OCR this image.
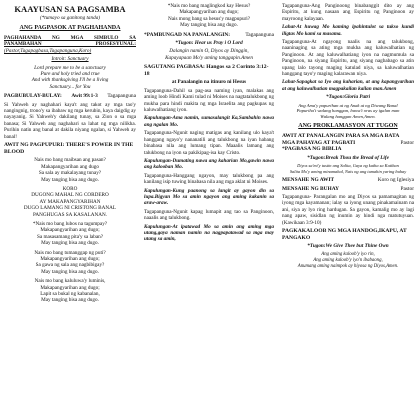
KAAYUSAN SA PAGSAMBA
(*tumayo sa ganitong tanda)
ANG PAGPASOK AT PAGHAHANDA
PAGHAHANDA NG MGA SIMBULO SA PANAMBAHAN PROSESYUNAL: (Pastor,Tagapagbasa,Tagapanguna,Koro)
Introit: Sanctuary
Lord prepare me to be a sanctuary
Pure and holy tried and true
And with thanksgiving I'll be a living
Sanctuary... for You
PAGBUBULAY-BULAY: Awit 99:1-3 Tagapanguna
Si Yahweh ay naghahari kaya't ang takot ay mga tao'y nangingnig, trono'y sa ibabaw ng mga kerubin, kaya daigdig ay nayayanig. Si Yahweh'y dakilang tunay, sa Zion o sa mga banasa; Si Yahweh ang naghahari sa lahat ng mga nilikha. Purihin natin ang banal at dakila niyang ngalan, si Yahweh ay banal!
AWIT NG PAGPUPURI: THERE'S POWER IN THE BLOOD
Nais mo bang maibsan ang pasan?
Makapangyarihan ang dugo
Sa sala ay makalayang tunay?
May tanging bisa ang dugo.
KORO
DUGONG MAHAL NG CORDERO
AY MAKAPANGYARIHAN
DUGO LAMANG NI CRISTONG BANAL
PANGHUGAS SA KASALANAN.
*Nais mo bang lubos na tagumpay?
Makapangyarihan ang dugo;
Sa masasamang pita'y sa laban?
May tanging bisa ang dugo.
Nais mo bang tumanggap ng puti?
Makapangyarihan ang dugo;
Sa gawa ng sala ang nagbibigay?
May tanging bisa ang dugo.
Nais mo bang kaluluwa'y luminis,
Makapangyarihan ang dugo;
Lapit sa bukal ng kabanalan,
May tanging bisa ang dugo.
*Nais mo bang maglingkod kay Hesus?
Makapangyarihan ang dugo;
Nais mong bang sa hesus'y magpupuri?
May tanging bisa ang dugo.
*PAMBUNGAD NA PANALANGIN:	Tagapanguna
*Tugon: Hear us Pray i O Lord
Dalangin namin O, Diyos ay Dinggin,
Kapayapaan Mo'y aming tanggapin.Amen
SAGUTANG PAGBASA: Hangos sa 2 Corinto 3:12-18
at Panalangin na itinuro ni Hesus
Tagapanguna-Dahil sa pag-asa naming iyan, malakas ang aming loob Hindi Kami tulad ni Moises na nagtatalukbong ng mukha para hindi makita ng mga Israelita ang pagkupas ng kaluwalhatiang iyon.
Kapulungan-Ama namin, sumasalangit Ka,Sambahin nawa ang ngalan Mo.
Tagapanguna-Ngunit naging matigas ang kanilang ulo kaya't hanggang ngayo'y nananatili ang talukbong na iyan habang binabasa nila ang lumang tipan. Maaalis lamang ang talukbong na iyon sa pakikipag-isa kay Cristo.
Kapulungan-Dumating nawa ang kaharian Mo,gawin nawa ang kalooban Mo.
Tagapanguna-Hanggang ngayon, may talukbong pa ang kanilang isip tuwing binabasa nila ang mga aklat ni Moises.
Kapulungan-Kung paanong sa langit ay gayon din sa lupa.Bigyan Mo sa amin ngayon ang aming kakanin sa araw-araw.
Tagapanguna-Ngunit kapag lumapit ang tao sa Panginoon, naaalis ang talukbong.
Kapulungan-At ipatawad Mo sa amin ang aming mga utang,gaya naman namin na nagpapatawad sa mga may utang sa amin,
Tagapanguna-Ang Panginoong binabanggit dito ay ang Espiritu, at kung nasaan ang Espiritu ng Panginoon ay mayroong kalayaan.
Lahat-At huwag Mo kaming ipahintulot sa tukso kundi iligtas Mo kami sa masama.
Tagapanguna-At ngayong naalis na ang talukbong, naaninaging sa ating mga mukha ang kaluwalhatian ng Panginoon. At ang kaluwalhatiang iyon na nagmumula sa Panginoon, na siyang Espiritu, ang siyang nagbabago sa atin upang lalo tayong maging katulad niya, sa kaluwalhatian hanggang tayo'y maging kalarawan niya.
Lahat-Sapagkat sa Iyo ang kaharian, at ang kapangyarihan at ang kaluwalhatian magpakailan kailan man.Amen
*Tugon:Gloria Patri
Ang Ama'y papurihan at ng Anak at ng Diwang Banal
Papuriha't walang hanggan, bawa't oras ay igalan man
Walang hanggan Amen,Amen.
ANG PROKLAMASYON AT TUGON
AWIT AT PANALANGIN PARA SA MGA BATA
MGA PAHAYAG AT PAGBATI	Pastor
*PAGBASA NG BIBLIA
*Tugon:Break Thou the Bread of Life
Diyos sa'mi'y tustin ang Salita, Gaya ng katha sa Katihan
Salita Mo'y aming minamahal, Nais ng ang tumahin yaring buhay
MENSAHE NG AWIT	Koro ng Iglesiya
MENSAHE NG BUHAY	Pastor
Tagapanguna- Parangalan mo ang Diyos sa pamamagitan ng iyong mga kayamanan; ialay sa iyong unang pinakamainam na ani, siya ay lyo ring hardugan. Sa gayon, kamalig mo ay lagi nang apaw, sisidlan ng inumin ay hindi nga matutuyuan.(Kawikaan 3:9-10)
PAGKAKALOOB NG MGA HANDOG,IKAPU, AT PANGAKO
*Tugon:We Give Thee but Thine Own
Ang aming kaloob'y iyo rin,
Ang aming kaloob'y iyo'n ibabaong,
Anumang aming naimpok ay hiyosa ng Diyos,Amen.
